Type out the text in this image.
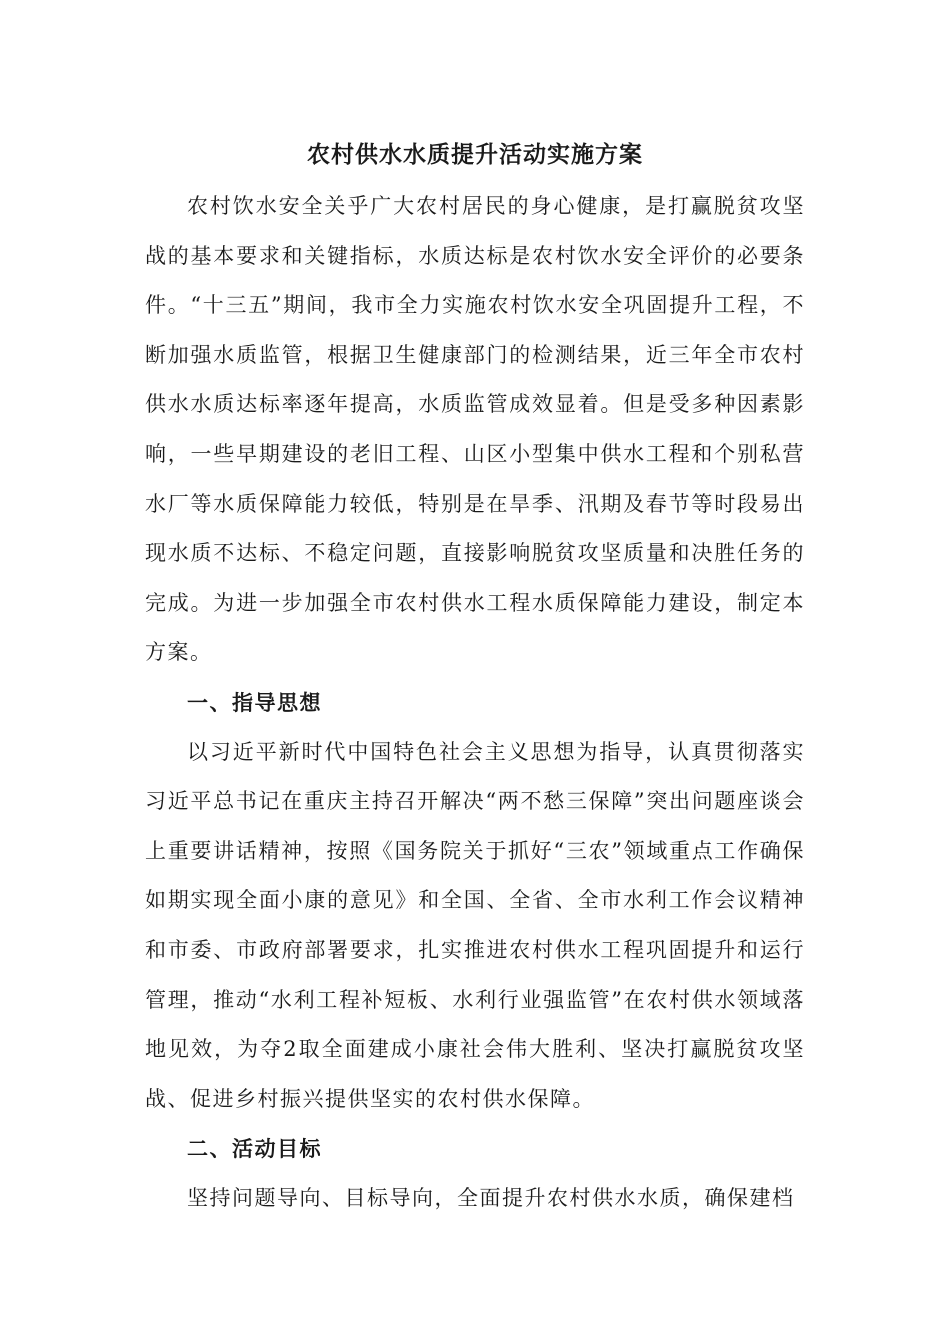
农村供水水质提升活动实施方案

农村饮水安全关乎广大农村居民的身心健康，是打赢脱贫攻坚战的基本要求和关键指标，水质达标是农村饮水安全评价的必要条件。“十三五”期间，我市全力实施农村饮水安全巩固提升工程，不断加强水质监管，根据卫生健康部门的检测结果，近三年全市农村供水水质达标率逐年提高，水质监管成效显着。但是受多种因素影响，一些早期建设的老旧工程、山区小型集中供水工程和个别私营水厂等水质保障能力较低，特别是在旱季、汛期及春节等时段易出现水质不达标、不稳定问题，直接影响脱贫攻坚质量和决胜任务的完成。为进一步加强全市农村供水工程水质保障能力建设，制定本方案。

一、指导思想

以习近平新时代中国特色社会主义思想为指导，认真贯彻落实习近平总书记在重庆主持召开解决“两不愁三保障”突出问题座谈会上重要讲话精神，按照《国务院关于抓好“三农”领域重点工作确保如期实现全面小康的意见》和全国、全省、全市水利工作会议精神和市委、市政府部署要求，扎实推进农村供水工程巩固提升和运行管理，推动“水利工程补短板、水利行业强监管”在农村供水领域落地见效，为夺2取全面建成小康社会伟大胜利、坚决打赢脱贫攻坚战、促进乡村振兴提供坚实的农村供水保障。

二、活动目标

坚持问题导向、目标导向，全面提升农村供水水质，确保建档
